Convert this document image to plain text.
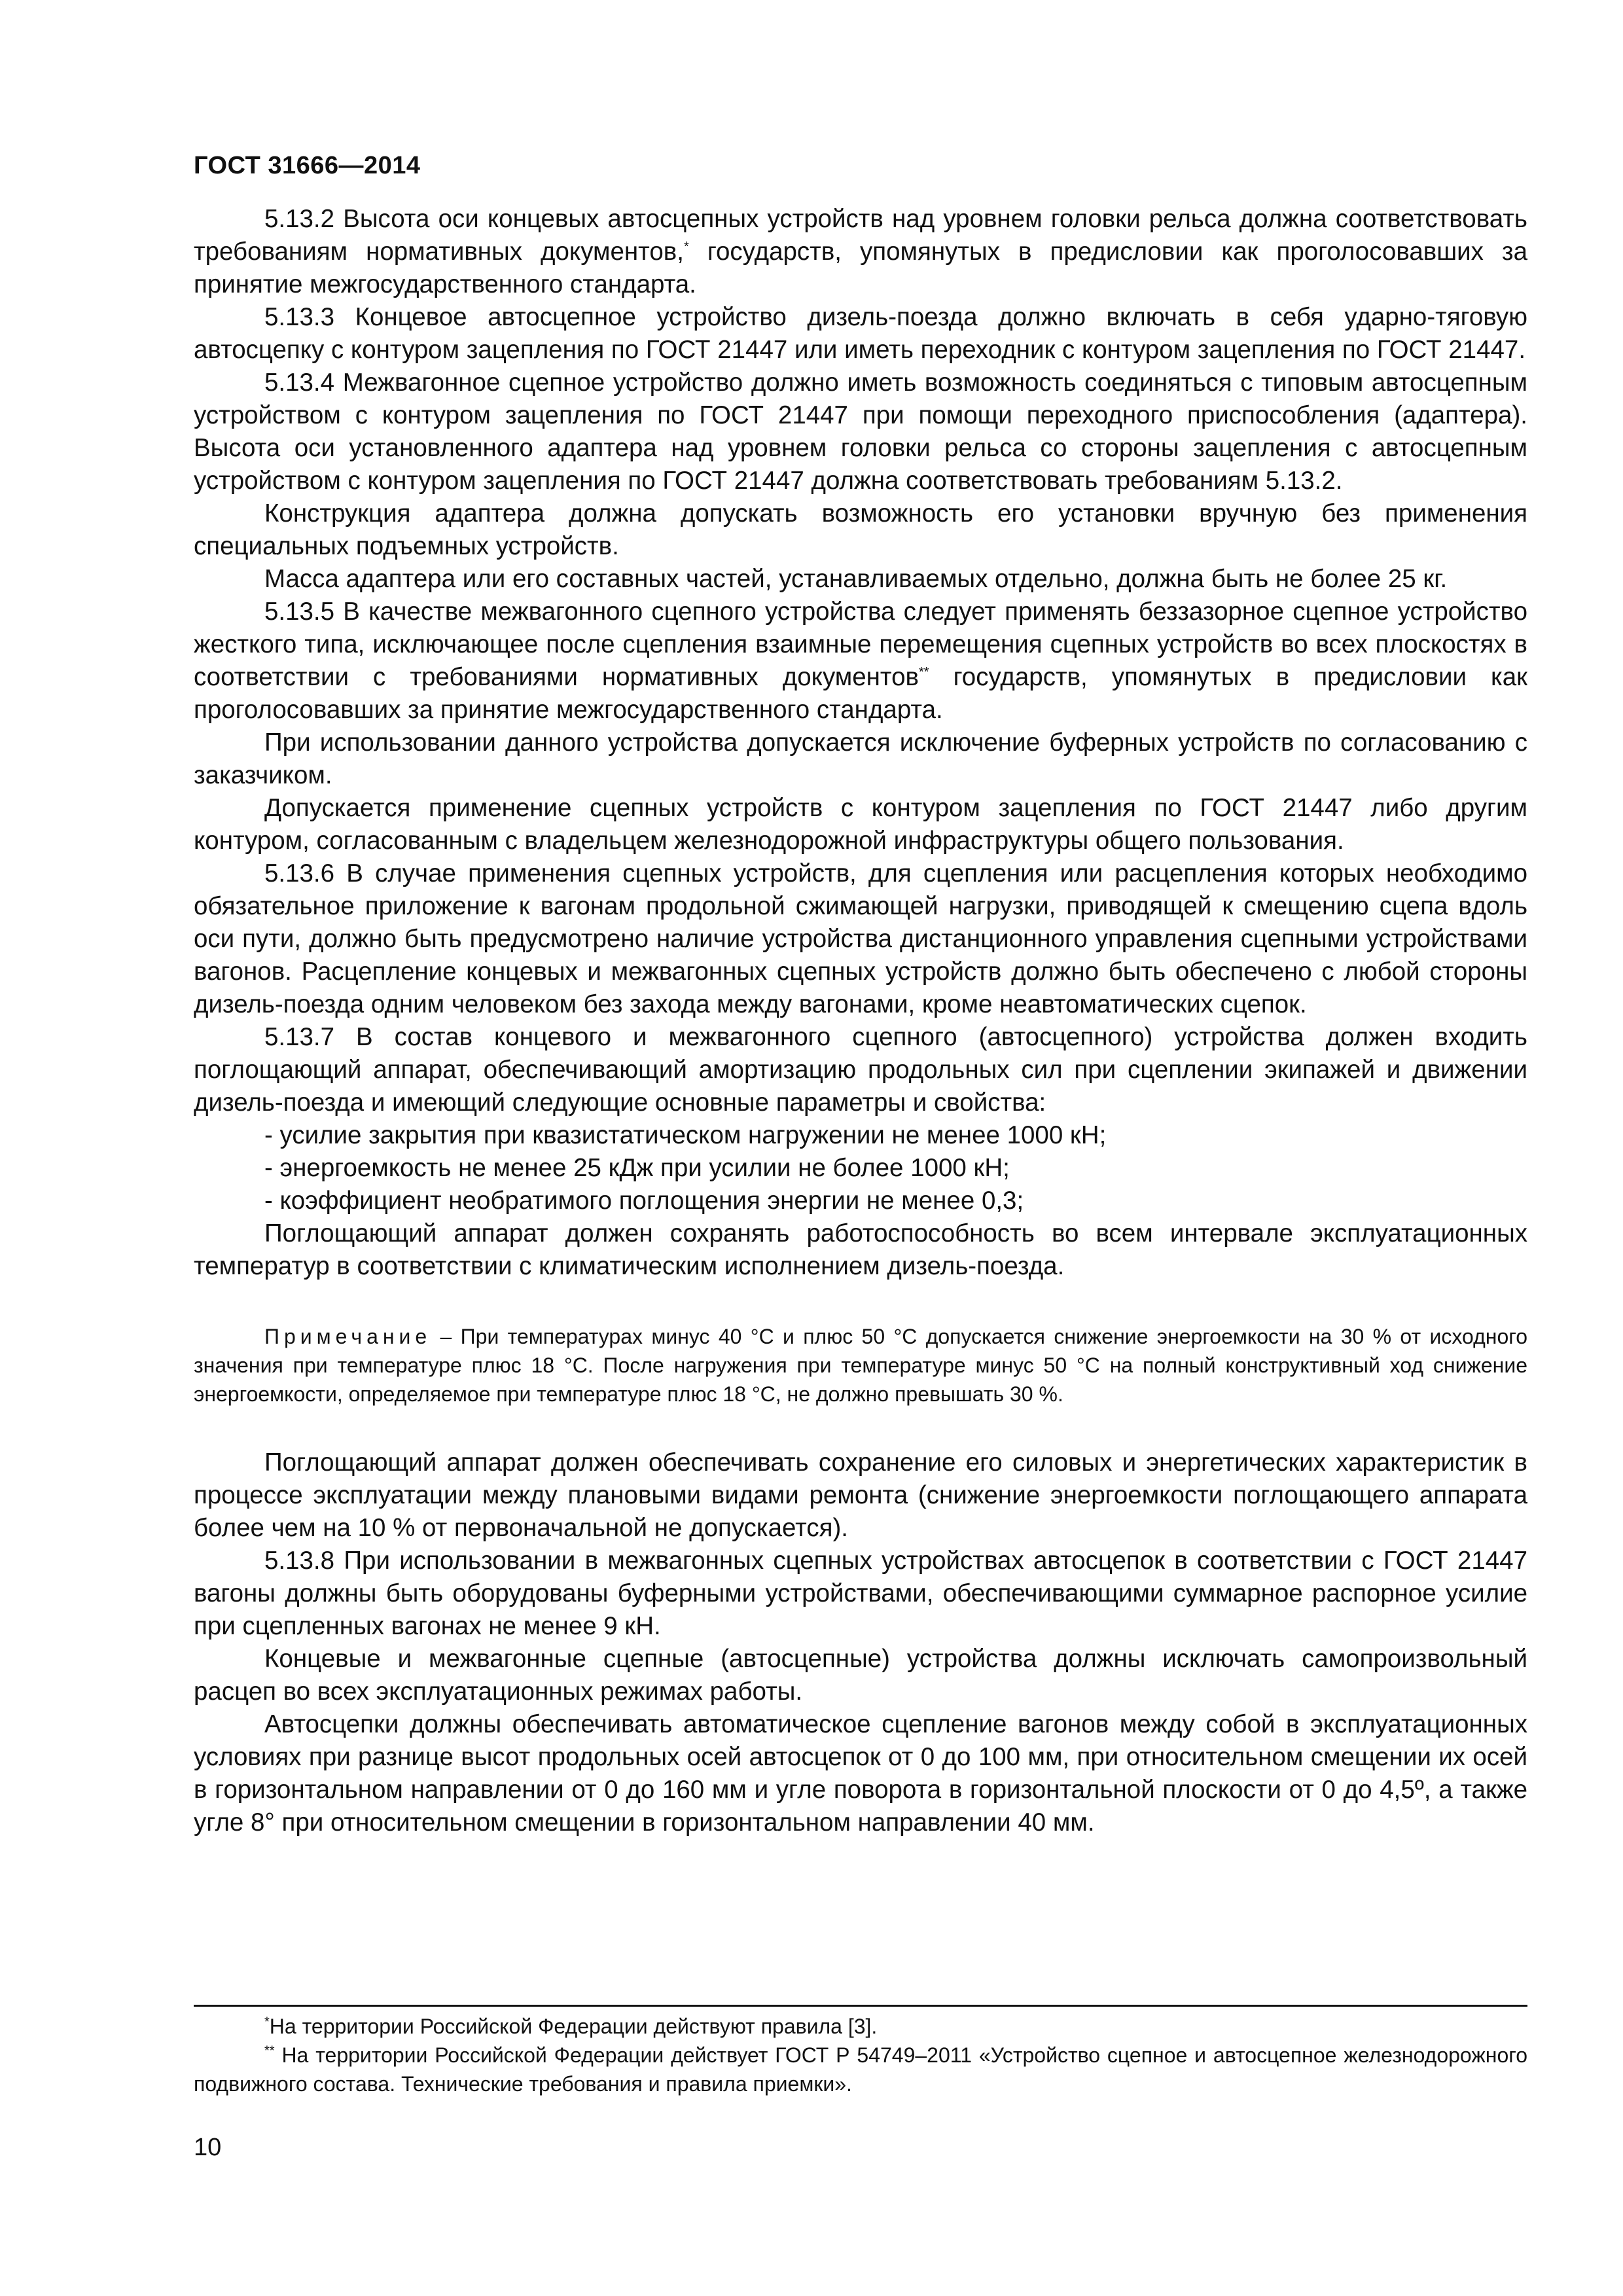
ГОСТ 31666—2014

5.13.2 Высота оси концевых автосцепных устройств над уровнем головки рельса должна соответствовать требованиям нормативных документов,* государств, упомянутых в предисловии как проголосовавших за принятие межгосударственного стандарта.

5.13.3 Концевое автосцепное устройство дизель-поезда должно включать в себя ударно-тяговую автосцепку с контуром зацепления по ГОСТ 21447 или иметь переходник с контуром зацепления по ГОСТ 21447.

5.13.4 Межвагонное сцепное устройство должно иметь возможность соединяться с типовым автосцепным устройством с контуром зацепления по ГОСТ 21447 при помощи переходного приспособления (адаптера). Высота оси установленного адаптера над уровнем головки рельса со стороны зацепления с автосцепным устройством с контуром зацепления по ГОСТ 21447 должна соответствовать требованиям 5.13.2.

Конструкция адаптера должна допускать возможность его установки вручную без применения специальных подъемных устройств.

Масса адаптера или его составных частей, устанавливаемых отдельно, должна быть не более 25 кг.

5.13.5 В качестве межвагонного сцепного устройства следует применять беззазорное сцепное устройство жесткого типа, исключающее после сцепления взаимные перемещения сцепных устройств во всех плоскостях в соответствии с требованиями нормативных документов** государств, упомянутых в предисловии как проголосовавших за принятие межгосударственного стандарта.

При использовании данного устройства допускается исключение буферных устройств по согласованию с заказчиком.

Допускается применение сцепных устройств с контуром зацепления по ГОСТ 21447 либо другим контуром, согласованным с владельцем железнодорожной инфраструктуры общего пользования.

5.13.6 В случае применения сцепных устройств, для сцепления или расцепления которых необходимо обязательное приложение к вагонам продольной сжимающей нагрузки, приводящей к смещению сцепа вдоль оси пути, должно быть предусмотрено наличие устройства дистанционного управления сцепными устройствами вагонов. Расцепление концевых и межвагонных сцепных устройств должно быть обеспечено с любой стороны дизель-поезда одним человеком без захода между вагонами, кроме неавтоматических сцепок.

5.13.7 В состав концевого и межвагонного сцепного (автосцепного) устройства должен входить поглощающий аппарат, обеспечивающий амортизацию продольных сил при сцеплении экипажей и движении дизель-поезда и имеющий следующие основные параметры и свойства:

- усилие закрытия при квазистатическом нагружении не менее 1000 кН;

- энергоемкость не менее 25 кДж при усилии не более 1000 кН;

- коэффициент необратимого поглощения энергии не менее 0,3;

Поглощающий аппарат должен сохранять работоспособность во всем интервале эксплуатационных температур в соответствии с климатическим исполнением дизель-поезда.

Примечание – При температурах минус 40 °С и плюс 50 °С допускается снижение энергоемкости на 30 % от исходного значения при температуре плюс 18 °С. После нагружения при температуре минус 50 °С на полный конструктивный ход снижение энергоемкости, определяемое при температуре плюс 18 °С, не должно превышать 30 %.

Поглощающий аппарат должен обеспечивать сохранение его силовых и энергетических характеристик в процессе эксплуатации между плановыми видами ремонта (снижение энергоемкости поглощающего аппарата более чем на 10 % от первоначальной не допускается).

5.13.8 При использовании в межвагонных сцепных устройствах автосцепок в соответствии с ГОСТ 21447 вагоны должны быть оборудованы буферными устройствами, обеспечивающими суммарное распорное усилие при сцепленных вагонах не менее 9 кН.

Концевые и межвагонные сцепные (автосцепные) устройства должны исключать самопроизвольный расцеп во всех эксплуатационных режимах работы.

Автосцепки должны обеспечивать автоматическое сцепление вагонов между собой в эксплуатационных условиях при разнице высот продольных осей автосцепок от 0 до 100 мм, при относительном смещении их осей в горизонтальном направлении от 0 до 160 мм и угле поворота в горизонтальной плоскости от 0 до 4,5º, а также угле 8° при относительном смещении в горизонтальном направлении 40 мм.

*На территории Российской Федерации действуют правила [3].

** На территории Российской Федерации действует ГОСТ Р 54749–2011 «Устройство сцепное и автосцепное железнодорожного подвижного состава. Технические требования и правила приемки».

10
